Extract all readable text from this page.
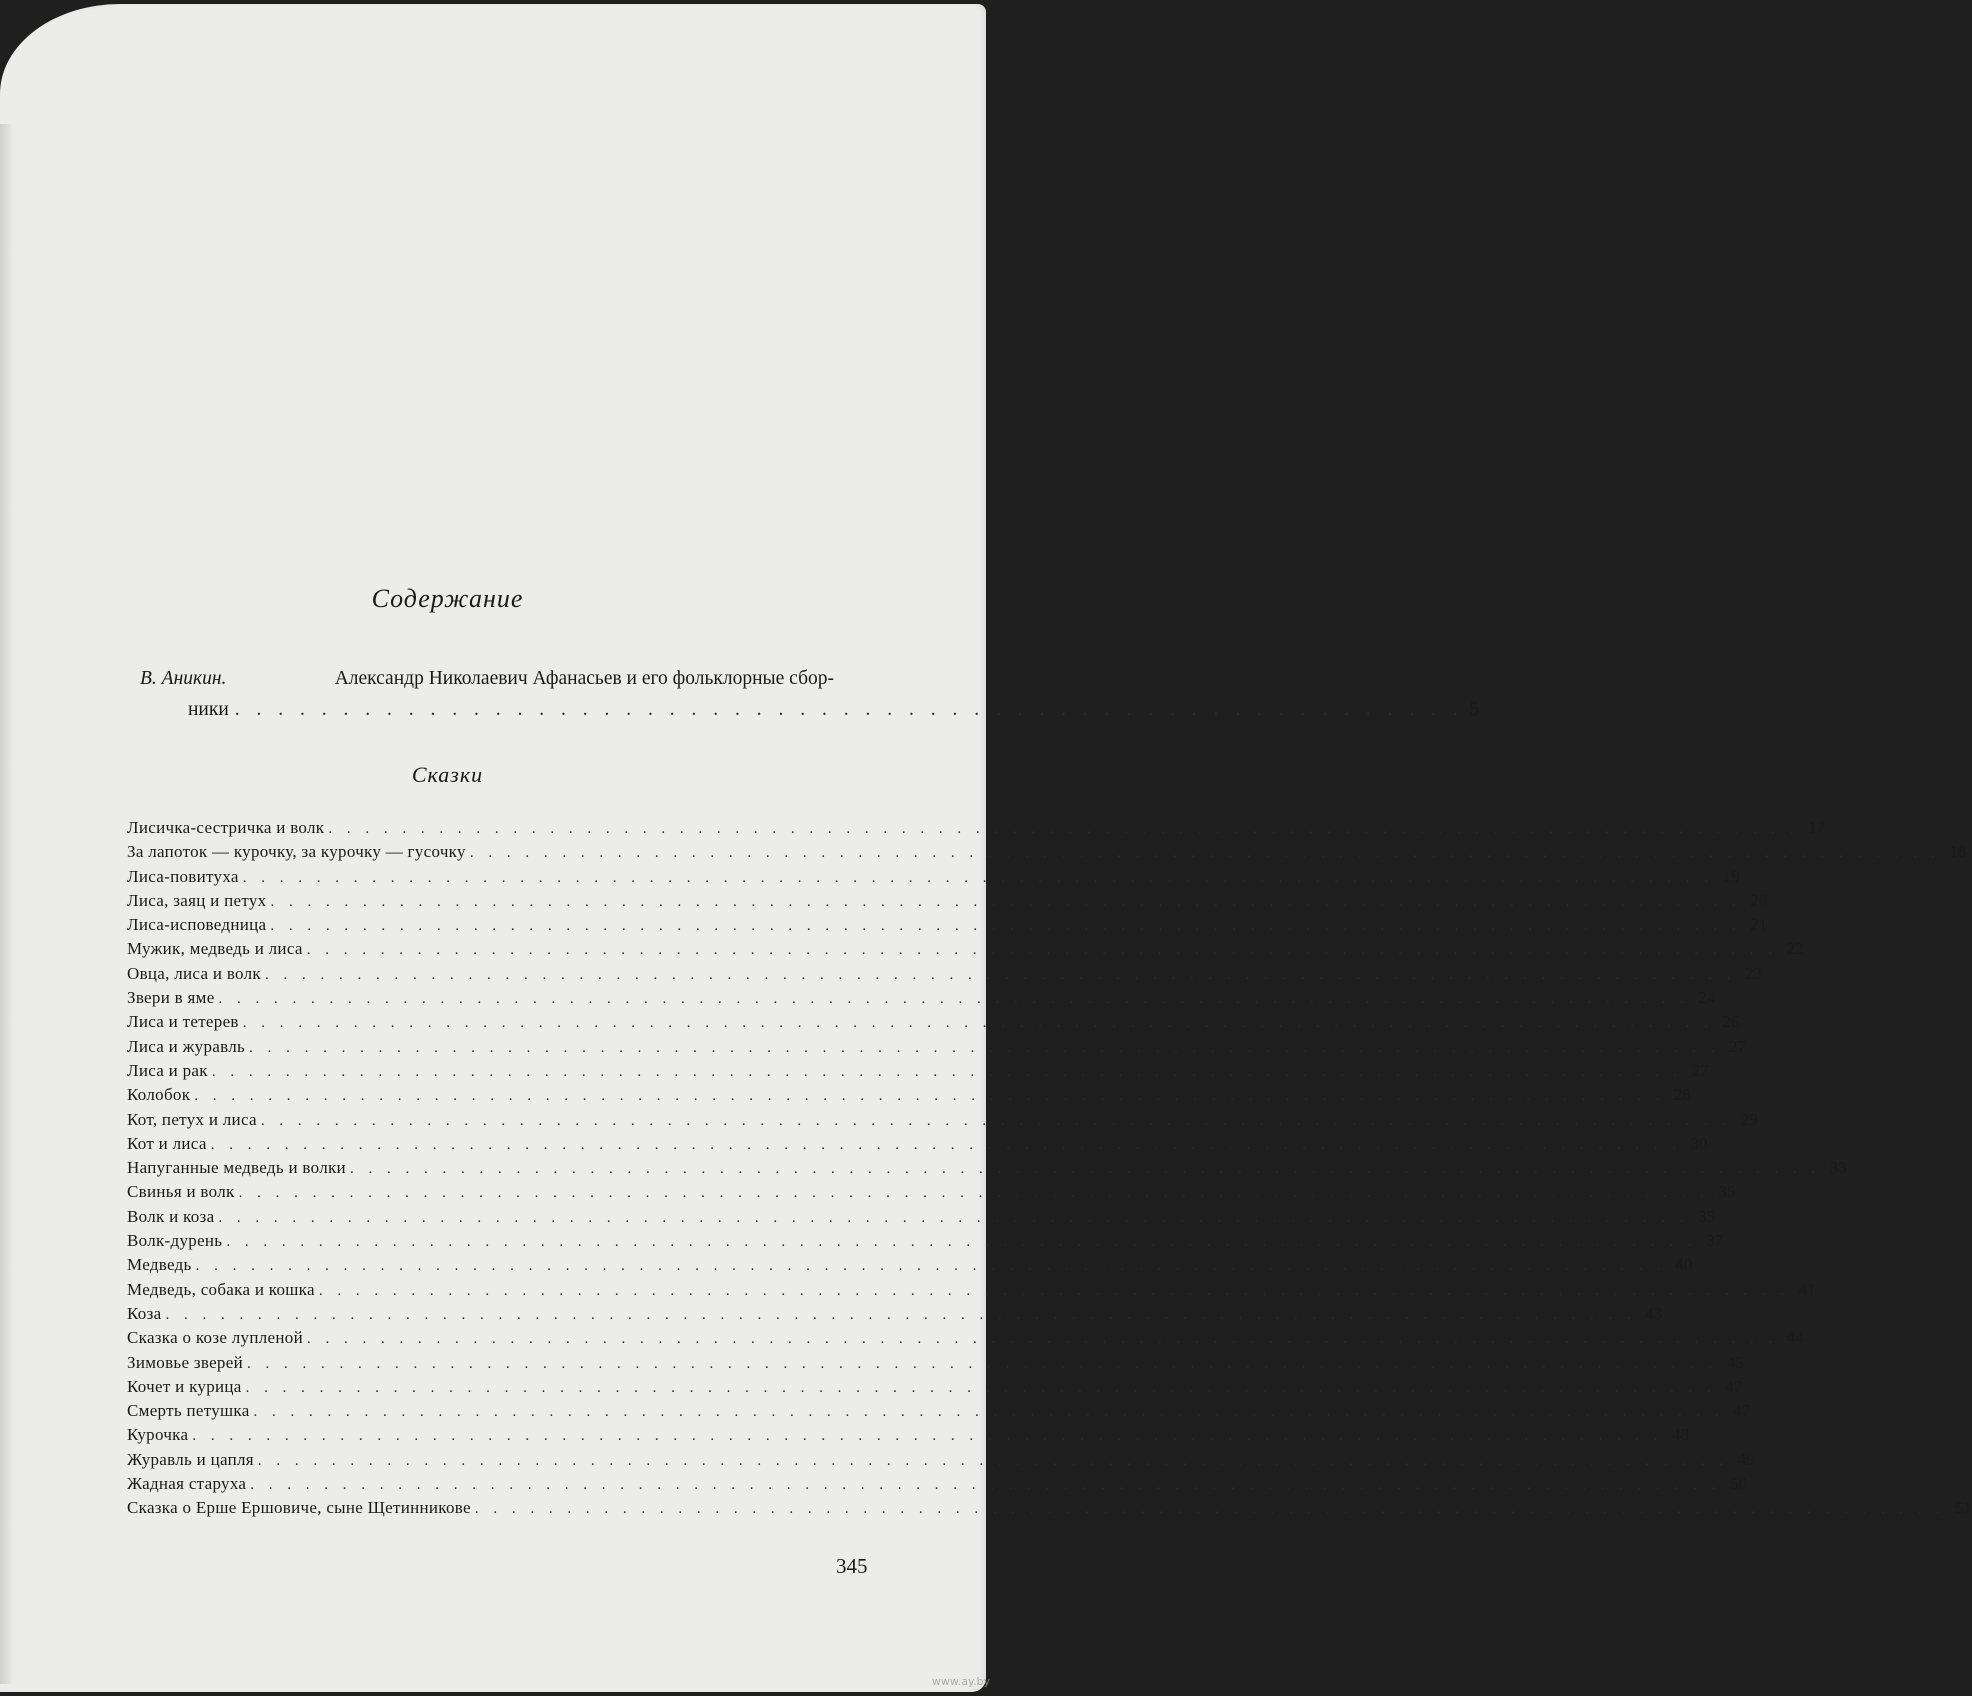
Содержание
В. Аникин.	Александр Николаевич Афанасьев и его фольклорные сбор-
ники . . . . . . . . . . . . . . . . . . . . . . . . . . . . . . . . . . . . . . . . . . . . . . . . . . . . . . . . . 5
Сказки
Лисичка-сестричка и волк . . . . . . . . . . . . . . . . . . . . . . . . . . . . . . . . . . . . . . . . . . . . . . . . . . . . . . . . . . . . . . . . . . . . . . . . . . . . . . . . 17
За лапоток — курочку, за курочку — гусочку . . . . . . . . . . . . . . . . . . . . . . . . . . . . . . . . . . . . . . . . . . . . . . . . . . . . . . . . . . . . . . . . . . . . . . . . . . . . . . . . 18
Лиса-повитуха . . . . . . . . . . . . . . . . . . . . . . . . . . . . . . . . . . . . . . . . . . . . . . . . . . . . . . . . . . . . . . . . . . . . . . . . . . . . . . . . 19
Лиса, заяц и петух . . . . . . . . . . . . . . . . . . . . . . . . . . . . . . . . . . . . . . . . . . . . . . . . . . . . . . . . . . . . . . . . . . . . . . . . . . . . . . . . 20
Лиса-исповедница . . . . . . . . . . . . . . . . . . . . . . . . . . . . . . . . . . . . . . . . . . . . . . . . . . . . . . . . . . . . . . . . . . . . . . . . . . . . . . . . 21
Мужик, медведь и лиса . . . . . . . . . . . . . . . . . . . . . . . . . . . . . . . . . . . . . . . . . . . . . . . . . . . . . . . . . . . . . . . . . . . . . . . . . . . . . . . . 22
Овца, лиса и волк . . . . . . . . . . . . . . . . . . . . . . . . . . . . . . . . . . . . . . . . . . . . . . . . . . . . . . . . . . . . . . . . . . . . . . . . . . . . . . . . 23
Звери в яме . . . . . . . . . . . . . . . . . . . . . . . . . . . . . . . . . . . . . . . . . . . . . . . . . . . . . . . . . . . . . . . . . . . . . . . . . . . . . . . . 24
Лиса и тетерев . . . . . . . . . . . . . . . . . . . . . . . . . . . . . . . . . . . . . . . . . . . . . . . . . . . . . . . . . . . . . . . . . . . . . . . . . . . . . . . . 26
Лиса и журавль . . . . . . . . . . . . . . . . . . . . . . . . . . . . . . . . . . . . . . . . . . . . . . . . . . . . . . . . . . . . . . . . . . . . . . . . . . . . . . . . 27
Лиса и рак . . . . . . . . . . . . . . . . . . . . . . . . . . . . . . . . . . . . . . . . . . . . . . . . . . . . . . . . . . . . . . . . . . . . . . . . . . . . . . . . 27
Колобок . . . . . . . . . . . . . . . . . . . . . . . . . . . . . . . . . . . . . . . . . . . . . . . . . . . . . . . . . . . . . . . . . . . . . . . . . . . . . . . . 28
Кот, петух и лиса . . . . . . . . . . . . . . . . . . . . . . . . . . . . . . . . . . . . . . . . . . . . . . . . . . . . . . . . . . . . . . . . . . . . . . . . . . . . . . . . 29
Кот и лиса . . . . . . . . . . . . . . . . . . . . . . . . . . . . . . . . . . . . . . . . . . . . . . . . . . . . . . . . . . . . . . . . . . . . . . . . . . . . . . . . 30
Напуганные медведь и волки . . . . . . . . . . . . . . . . . . . . . . . . . . . . . . . . . . . . . . . . . . . . . . . . . . . . . . . . . . . . . . . . . . . . . . . . . . . . . . . . 33
Свинья и волк . . . . . . . . . . . . . . . . . . . . . . . . . . . . . . . . . . . . . . . . . . . . . . . . . . . . . . . . . . . . . . . . . . . . . . . . . . . . . . . . 35
Волк и коза . . . . . . . . . . . . . . . . . . . . . . . . . . . . . . . . . . . . . . . . . . . . . . . . . . . . . . . . . . . . . . . . . . . . . . . . . . . . . . . . 35
Волк-дурень . . . . . . . . . . . . . . . . . . . . . . . . . . . . . . . . . . . . . . . . . . . . . . . . . . . . . . . . . . . . . . . . . . . . . . . . . . . . . . . . 37
Медведь . . . . . . . . . . . . . . . . . . . . . . . . . . . . . . . . . . . . . . . . . . . . . . . . . . . . . . . . . . . . . . . . . . . . . . . . . . . . . . . . 40
Медведь, собака и кошка . . . . . . . . . . . . . . . . . . . . . . . . . . . . . . . . . . . . . . . . . . . . . . . . . . . . . . . . . . . . . . . . . . . . . . . . . . . . . . . . 41
Коза . . . . . . . . . . . . . . . . . . . . . . . . . . . . . . . . . . . . . . . . . . . . . . . . . . . . . . . . . . . . . . . . . . . . . . . . . . . . . . . . 43
Сказка о козе лупленой . . . . . . . . . . . . . . . . . . . . . . . . . . . . . . . . . . . . . . . . . . . . . . . . . . . . . . . . . . . . . . . . . . . . . . . . . . . . . . . . 44
Зимовье зверей . . . . . . . . . . . . . . . . . . . . . . . . . . . . . . . . . . . . . . . . . . . . . . . . . . . . . . . . . . . . . . . . . . . . . . . . . . . . . . . . 45
Кочет и курица . . . . . . . . . . . . . . . . . . . . . . . . . . . . . . . . . . . . . . . . . . . . . . . . . . . . . . . . . . . . . . . . . . . . . . . . . . . . . . . . 47
Смерть петушка . . . . . . . . . . . . . . . . . . . . . . . . . . . . . . . . . . . . . . . . . . . . . . . . . . . . . . . . . . . . . . . . . . . . . . . . . . . . . . . . 47
Курочка . . . . . . . . . . . . . . . . . . . . . . . . . . . . . . . . . . . . . . . . . . . . . . . . . . . . . . . . . . . . . . . . . . . . . . . . . . . . . . . . 48
Журавль и цапля . . . . . . . . . . . . . . . . . . . . . . . . . . . . . . . . . . . . . . . . . . . . . . . . . . . . . . . . . . . . . . . . . . . . . . . . . . . . . . . . 49
Жадная старуха . . . . . . . . . . . . . . . . . . . . . . . . . . . . . . . . . . . . . . . . . . . . . . . . . . . . . . . . . . . . . . . . . . . . . . . . . . . . . . . . 50
Сказка о Ерше Ершовиче, сыне Щетинникове . . . . . . . . . . . . . . . . . . . . . . . . . . . . . . . . . . . . . . . . . . . . . . . . . . . . . . . . . . . . . . . . . . . . . . . . . . . . . . . . 51
345
www.ay.by
